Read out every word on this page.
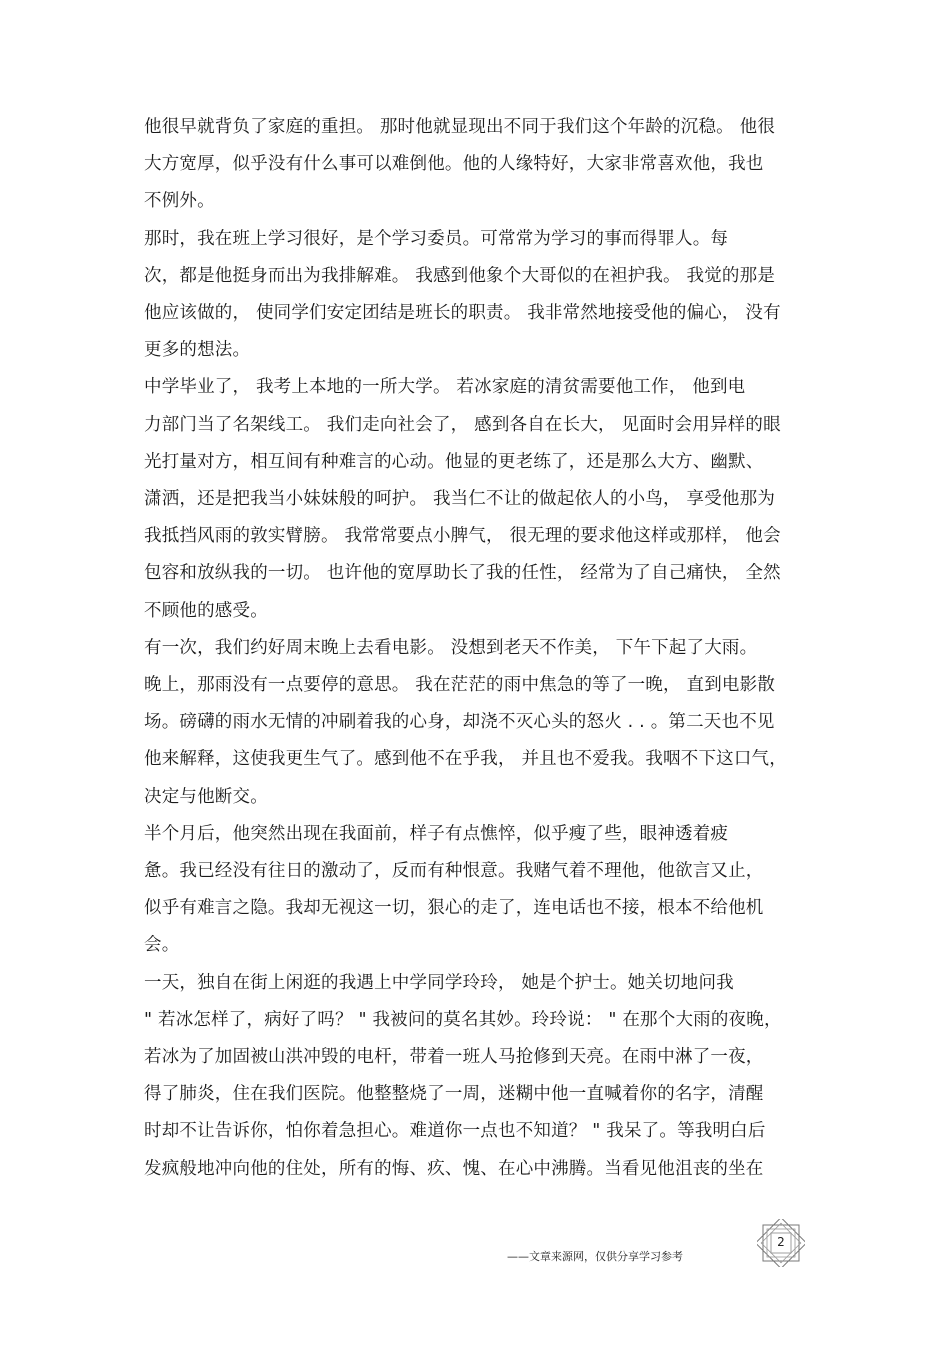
他很早就背负了家庭的重担。 那时他就显现出不同于我们这个年龄的沉稳。 他很
大方宽厚，似乎没有什么事可以难倒他。他的人缘特好，大家非常喜欢他，我也
不例外。
那时，我在班上学习很好，是个学习委员。可常常为学习的事而得罪人。每
次，都是他挺身而出为我排解难。 我感到他象个大哥似的在袒护我。 我觉的那是
他应该做的， 使同学们安定团结是班长的职责。 我非常然地接受他的偏心， 没有
更多的想法。
中学毕业了， 我考上本地的一所大学。 若冰家庭的清贫需要他工作， 他到电
力部门当了名架线工。 我们走向社会了， 感到各自在长大， 见面时会用异样的眼
光打量对方，相互间有种难言的心动。他显的更老练了，还是那么大方、幽默、
潇洒，还是把我当小妹妹般的呵护。 我当仁不让的做起依人的小鸟， 享受他那为
我抵挡风雨的敦实臂膀。 我常常要点小脾气， 很无理的要求他这样或那样， 他会
包容和放纵我的一切。 也许他的宽厚助长了我的任性， 经常为了自己痛快， 全然
不顾他的感受。
有一次，我们约好周末晚上去看电影。 没想到老天不作美， 下午下起了大雨。
晚上，那雨没有一点要停的意思。 我在茫茫的雨中焦急的等了一晚， 直到电影散
场。磅礴的雨水无情的冲刷着我的心身，却浇不灭心头的怒火 . . 。第二天也不见
他来解释，这使我更生气了。感到他不在乎我， 并且也不爱我。我咽不下这口气，
决定与他断交。
半个月后，他突然出现在我面前，样子有点憔悴，似乎瘦了些，眼神透着疲
惫。我已经没有往日的激动了，反而有种恨意。我赌气着不理他，他欲言又止，
似乎有难言之隐。我却无视这一切，狠心的走了，连电话也不接，根本不给他机
会。
一天，独自在街上闲逛的我遇上中学同学玲玲， 她是个护士。她关切地问我
" 若冰怎样了，病好了吗？ " 我被问的莫名其妙。玲玲说： " 在那个大雨的夜晚，
若冰为了加固被山洪冲毁的电杆，带着一班人马抢修到天亮。在雨中淋了一夜，
得了肺炎，住在我们医院。他整整烧了一周，迷糊中他一直喊着你的名字，清醒
时却不让告诉你，怕你着急担心。难道你一点也不知道？ " 我呆了。等我明白后
发疯般地冲向他的住处，所有的悔、疚、愧、在心中沸腾。当看见他沮丧的坐在
2
——文章来源网，仅供分享学习参考
